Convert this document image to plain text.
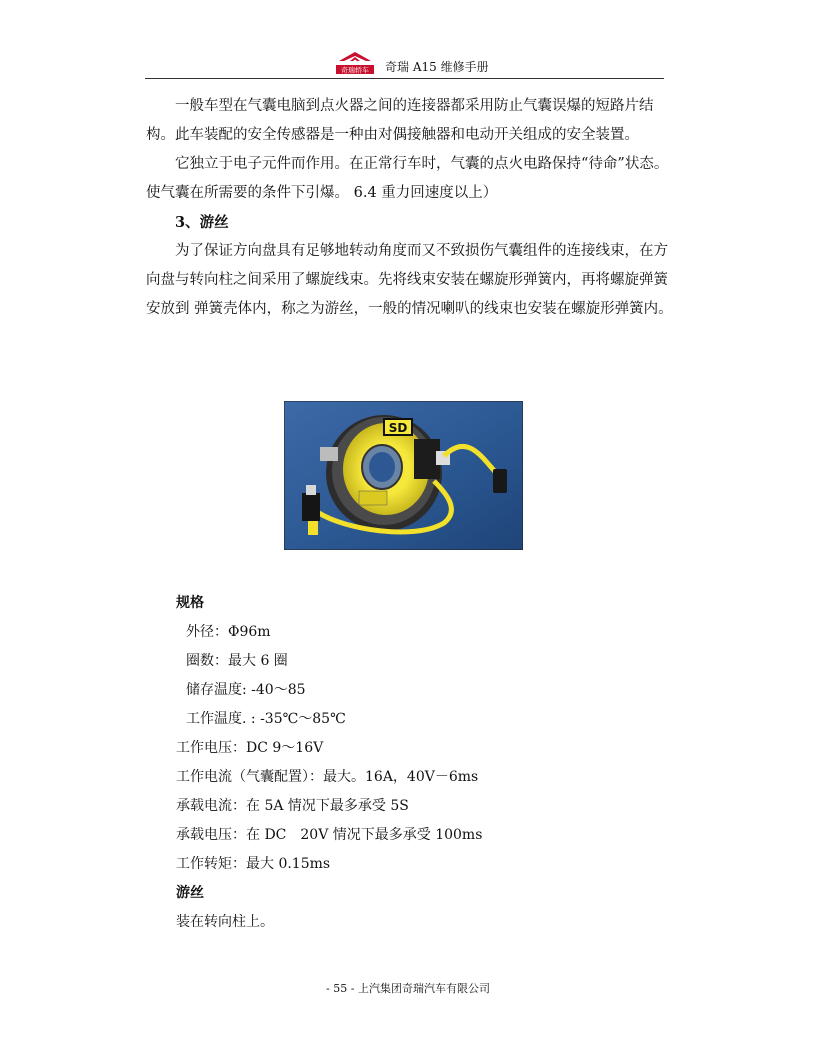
奇瑞轿车 奇瑞 A15 维修手册

一般车型在气囊电脑到点火器之间的连接器都采用防止气囊误爆的短路片结构。此车装配的安全传感器是一种由对偶接触器和电动开关组成的安全装置。

它独立于电子元件而作用。在正常行车时，气囊的点火电路保持“待命”状态。使气囊在所需要的条件下引爆。 6.4 重力回速度以上）

3、游丝

为了保证方向盘具有足够地转动角度而又不致损伤气囊组件的连接线束，在方向盘与转向柱之间采用了螺旋线束。先将线束安装在螺旋形弹簧内，再将螺旋弹簧安放到 弹簧壳体内，称之为游丝，一般的情况喇叭的线束也安装在螺旋形弹簧内。

SD

规格

外径：Φ96m

圈数：最大 6 圈

储存温度: -40～85

工作温度. : -35℃～85℃

工作电压：DC 9～16V

工作电流（气囊配置）：最大。16A，40V－6ms

承载电流：在 5A 情况下最多承受 5S

承载电压：在 DC　20V 情况下最多承受 100ms

工作转矩：最大 0.15ms

游丝

装在转向柱上。

- 55 - 上汽集团奇瑞汽车有限公司
